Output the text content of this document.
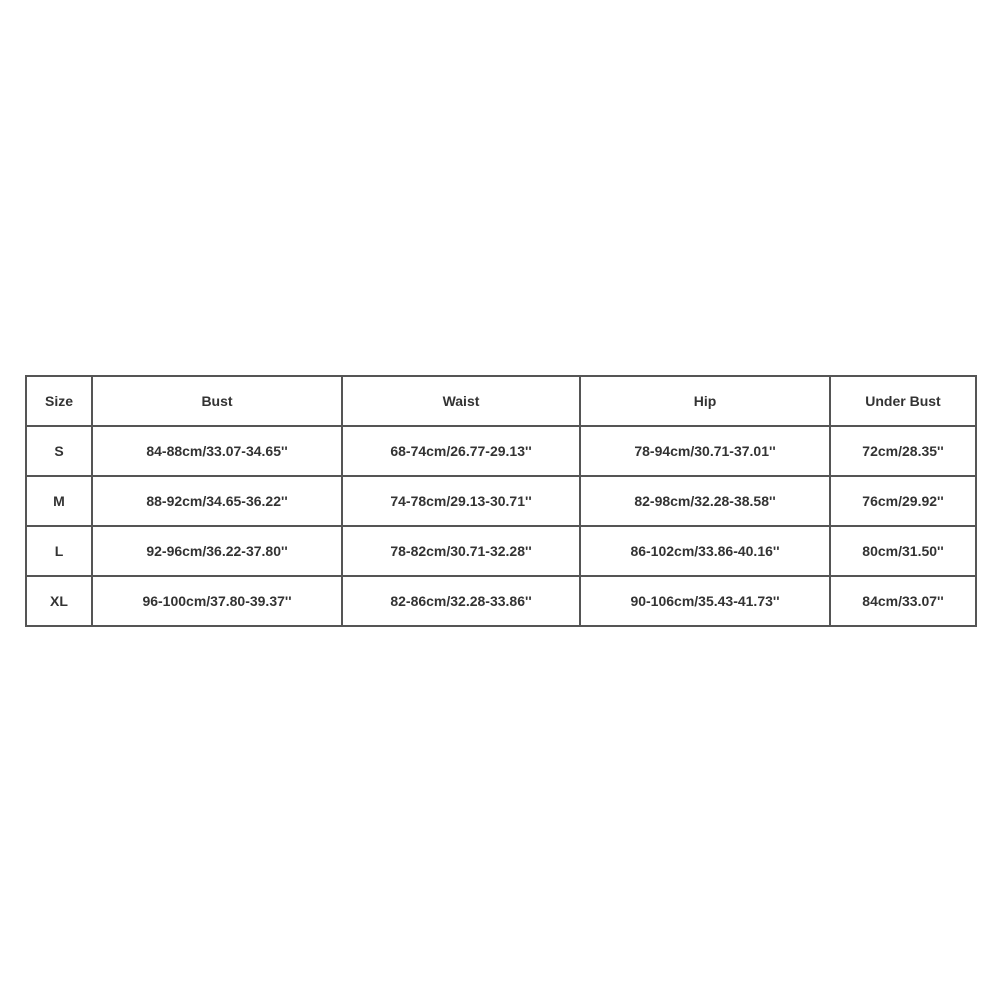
Size	Bust	Waist	Hip	Under Bust
S	84-88cm/33.07-34.65''	68-74cm/26.77-29.13''	78-94cm/30.71-37.01''	72cm/28.35''
M	88-92cm/34.65-36.22''	74-78cm/29.13-30.71''	82-98cm/32.28-38.58''	76cm/29.92''
L	92-96cm/36.22-37.80''	78-82cm/30.71-32.28''	86-102cm/33.86-40.16''	80cm/31.50''
XL	96-100cm/37.80-39.37''	82-86cm/32.28-33.86''	90-106cm/35.43-41.73''	84cm/33.07''
